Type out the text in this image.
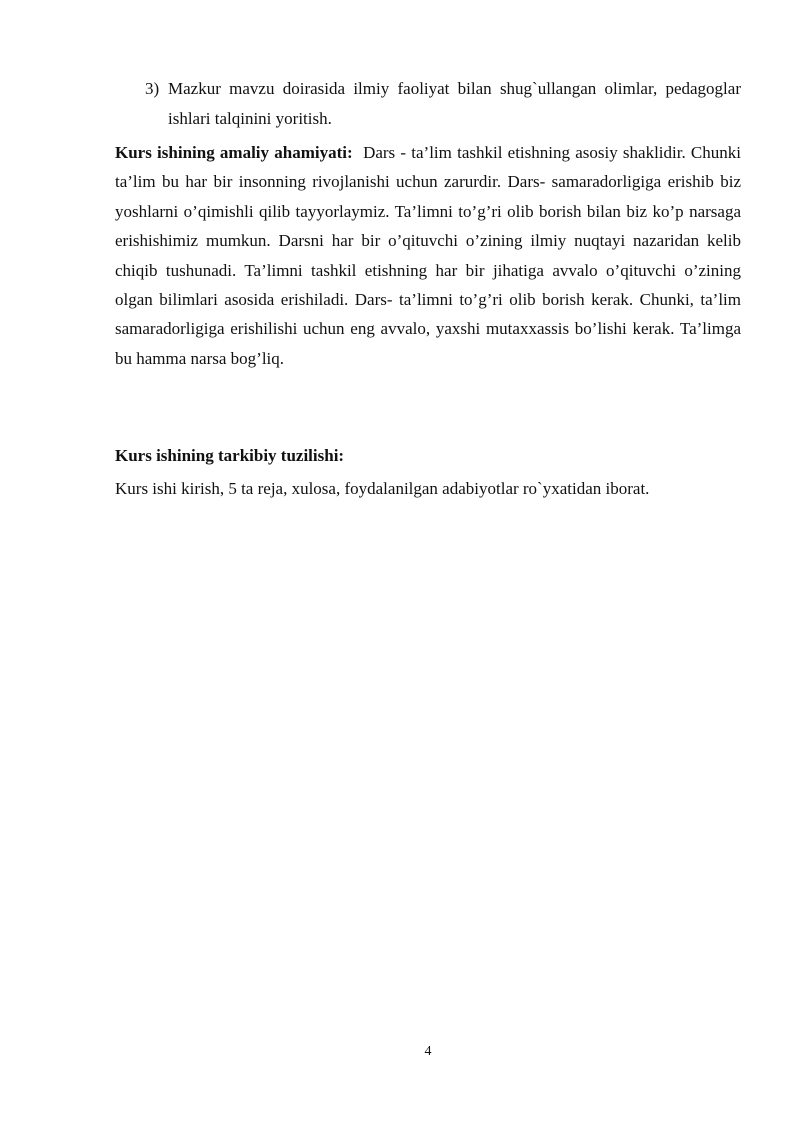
3) Mazkur mavzu doirasida ilmiy faoliyat bilan shug`ullangan olimlar, pedagoglar ishlari talqinini yoritish.
Kurs ishining amaliy ahamiyati: Dars - ta’lim tashkil etishning asosiy shaklidir. Chunki ta’lim bu har bir insonning rivojlanishi uchun zarurdir. Dars- samaradorligiga erishib biz yoshlarni o’qimishli qilib tayyorlaymiz. Ta’limni to’g’ri olib borish bilan biz ko’p narsaga erishishimiz mumkun. Darsni har bir o’qituvchi o’zining ilmiy nuqtayi nazaridan kelib chiqib tushunadi. Ta’limni tashkil etishning har bir jihatiga avvalo o’qituvchi o’zining olgan bilimlari asosida erishiladi. Dars- ta’limni to’g’ri olib borish kerak. Chunki, ta’lim samaradorligiga erishilishi uchun eng avvalo, yaxshi mutaxxassis bo’lishi kerak. Ta’limga bu hamma narsa bog’liq.
Kurs ishining tarkibiy tuzilishi:
Kurs ishi kirish, 5 ta reja, xulosa, foydalanilgan adabiyotlar ro`yxatidan iborat.
4
